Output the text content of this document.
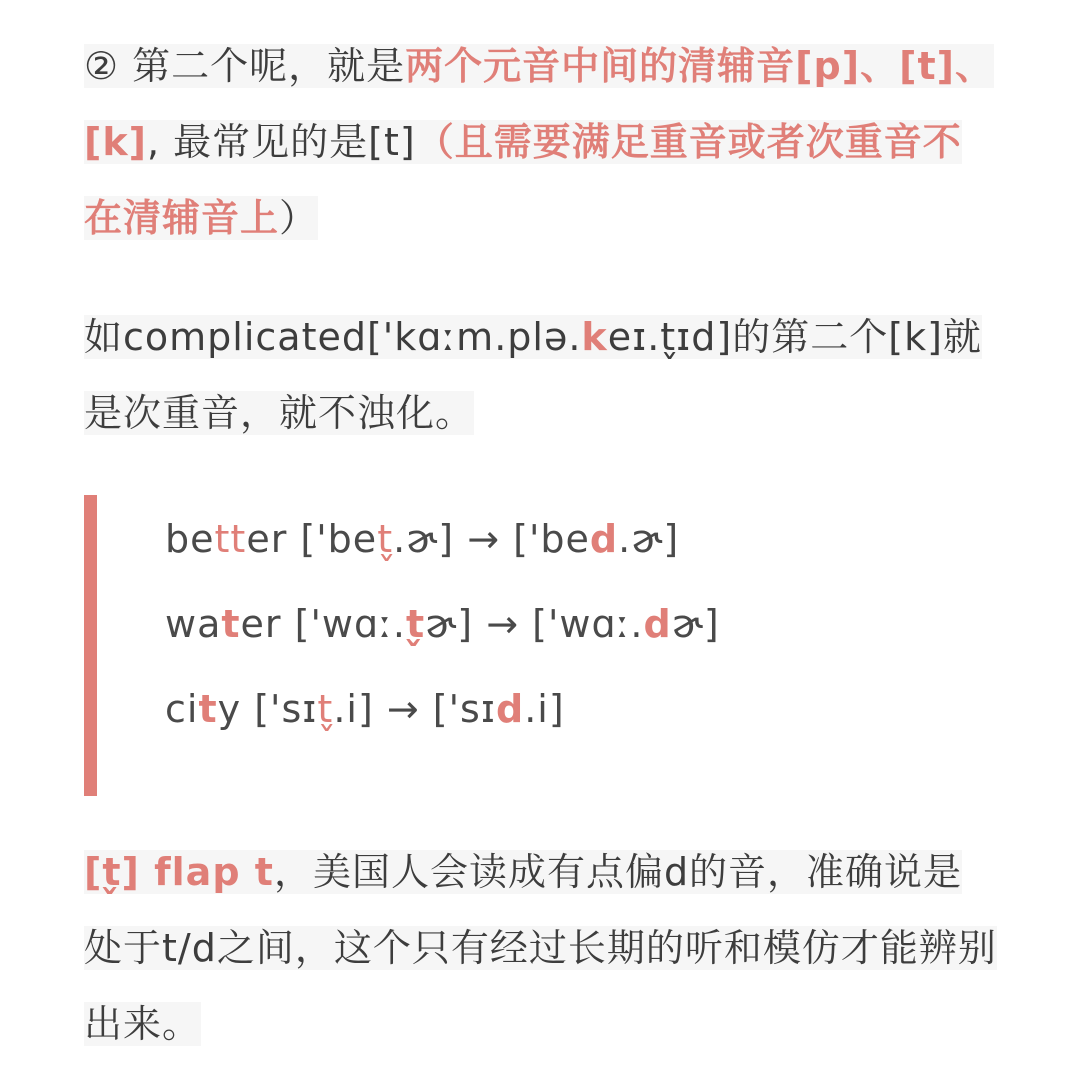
② 第二个呢，就是两个元音中间的清辅音[p]、[t]、[k], 最常见的是[t]（且需要满足重音或者次重音不在清辅音上）

如complicated['kɑːm.plə.keɪ.t̬ɪd]的第二个[k]就是次重音，就不浊化。

better ['bet̬.ɚ] → ['bed.ɚ]
water ['wɑː.t̬ɚ] → ['wɑː.dɚ]
city ['sɪt̬.i] → ['sɪd.i]

[t̬] flap t，美国人会读成有点偏d的音，准确说是处于t/d之间，这个只有经过长期的听和模仿才能辨别出来。
